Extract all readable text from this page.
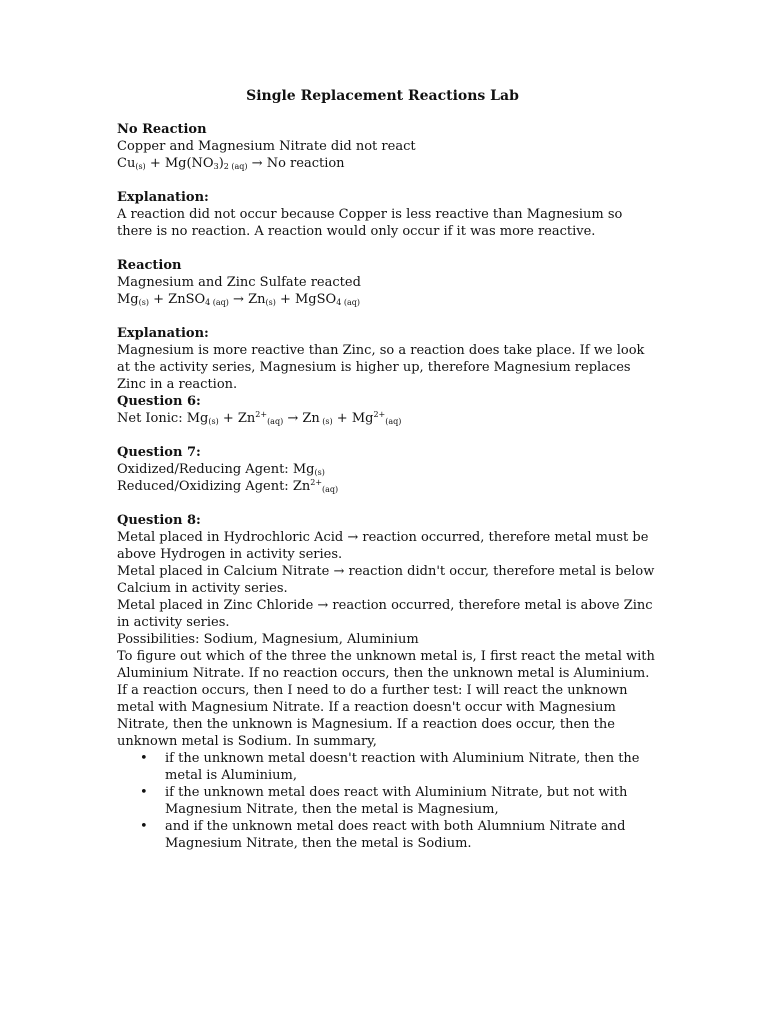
Single Replacement Reactions Lab
No Reaction
Copper and Magnesium Nitrate did not react
$Cu_{(s)} + Mg(NO_3)_{2 (aq)} \to No$ reaction
Explanation:
A reaction did not occur because Copper is less reactive than Magnesium so there is no reaction. A reaction would only occur if it was more reactive.
Reaction
Magnesium and Zinc Sulfate reacted
$Mg_{(s)}$ + ZnSO$_{4 (aq)}$ → $Zn_{(s)}$ + MgSO$_{4 (aq)}$
Explanation:
Magnesium is more reactive than Zinc, so a reaction does take place. If we look at the activity series, Magnesium is higher up, therefore Magnesium replaces Zinc in a reaction.
Question 6:
Net Ionic: $Mg_{(s)} + Zn^{2+}_{(aq)} \to Zn$ $_{(s)} + Mg^{2+}_{(aq)}$
Question 7:
Oxidized/Reducing Agent: $Mg_{(s)}$
Reduced/Oxidizing Agent: $Zn^{2+}_{(aq)}$
Question 8:
Metal placed in Hydrochloric Acid → reaction occurred, therefore metal must be above Hydrogen in activity series.
Metal placed in Calcium Nitrate → reaction didn't occur, therefore metal is below Calcium in activity series.
Metal placed in Zinc Chloride → reaction occurred, therefore metal is above Zinc in activity series.
Possibilities: Sodium, Magnesium, Aluminium
To figure out which of the three the unknown metal is, I first react the metal with Aluminium Nitrate. If no reaction occurs, then the unknown metal is Aluminium. If a reaction occurs, then I need to do a further test: I will react the unknown metal with Magnesium Nitrate. If a reaction doesn't occur with Magnesium Nitrate, then the unknown is Magnesium. If a reaction does occur, then the unknown metal is Sodium. In summary,
• if the unknown metal doesn't reaction with Aluminium Nitrate, then the metal is Aluminium,
• if the unknown metal does react with Aluminium Nitrate, but not with Magnesium Nitrate, then the metal is Magnesium,
• and if the unknown metal does react with both Alumnium Nitrate and Magnesium Nitrate, then the metal is Sodium.
